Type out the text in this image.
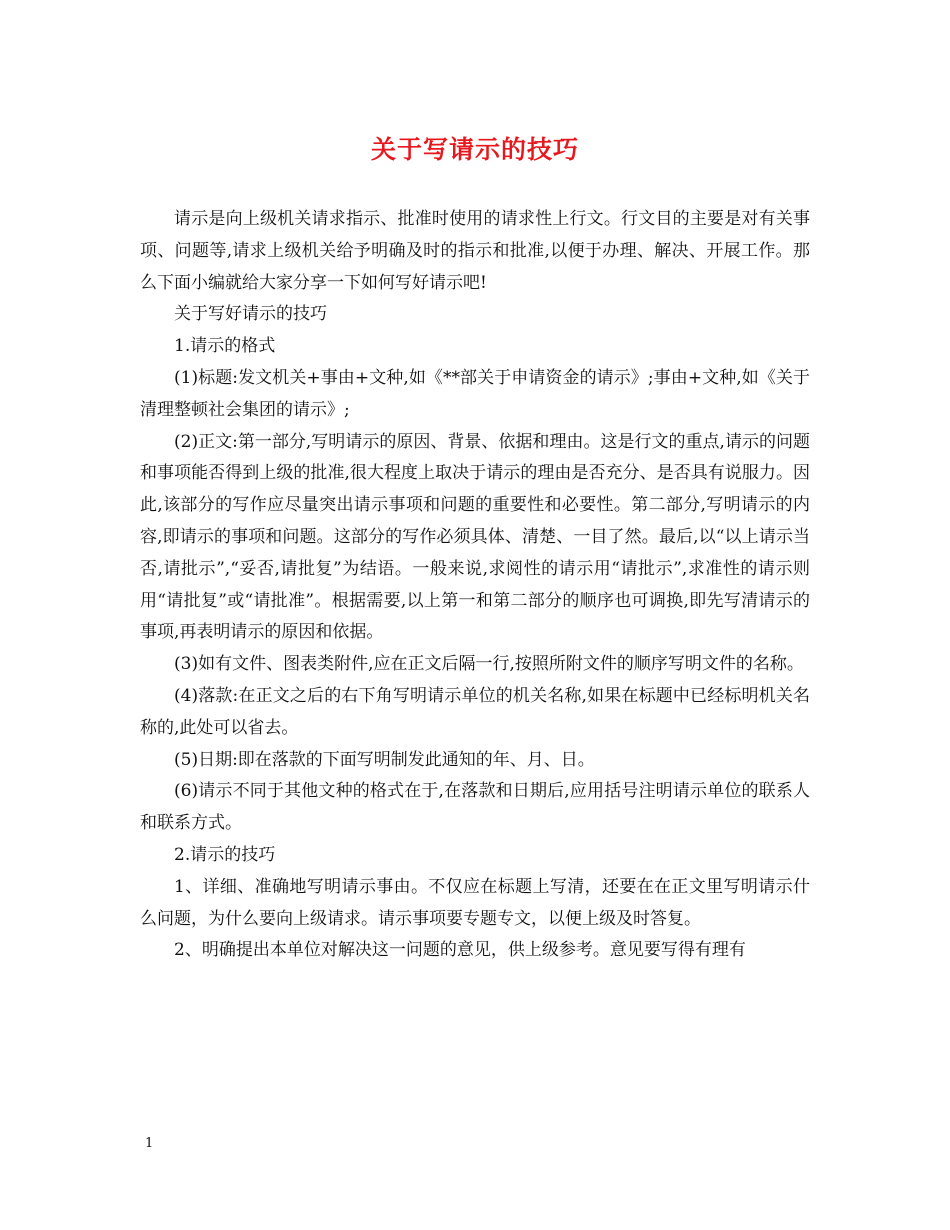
关于写请示的技巧

请示是向上级机关请求指示、批准时使用的请求性上行文。行文目的主要是对有关事项、问题等,请求上级机关给予明确及时的指示和批准,以便于办理、解决、开展工作。那么下面小编就给大家分享一下如何写好请示吧!

关于写好请示的技巧

1.请示的格式

(1)标题:发文机关+事由+文种,如《**部关于申请资金的请示》;事由+文种,如《关于清理整顿社会集团的请示》;

(2)正文:第一部分,写明请示的原因、背景、依据和理由。这是行文的重点,请示的问题和事项能否得到上级的批准,很大程度上取决于请示的理由是否充分、是否具有说服力。因此,该部分的写作应尽量突出请示事项和问题的重要性和必要性。第二部分,写明请示的内容,即请示的事项和问题。这部分的写作必须具体、清楚、一目了然。最后,以“以上请示当否,请批示”,“妥否,请批复”为结语。一般来说,求阅性的请示用“请批示”,求准性的请示则用“请批复”或“请批准”。根据需要,以上第一和第二部分的顺序也可调换,即先写清请示的事项,再表明请示的原因和依据。

(3)如有文件、图表类附件,应在正文后隔一行,按照所附文件的顺序写明文件的名称。

(4)落款:在正文之后的右下角写明请示单位的机关名称,如果在标题中已经标明机关名称的,此处可以省去。

(5)日期:即在落款的下面写明制发此通知的年、月、日。

(6)请示不同于其他文种的格式在于,在落款和日期后,应用括号注明请示单位的联系人和联系方式。

2.请示的技巧

1、详细、准确地写明请示事由。不仅应在标题上写清，还要在在正文里写明请示什么问题，为什么要向上级请求。请示事项要专题专文，以便上级及时答复。

2、明确提出本单位对解决这一问题的意见，供上级参考。意见要写得有理有

1
